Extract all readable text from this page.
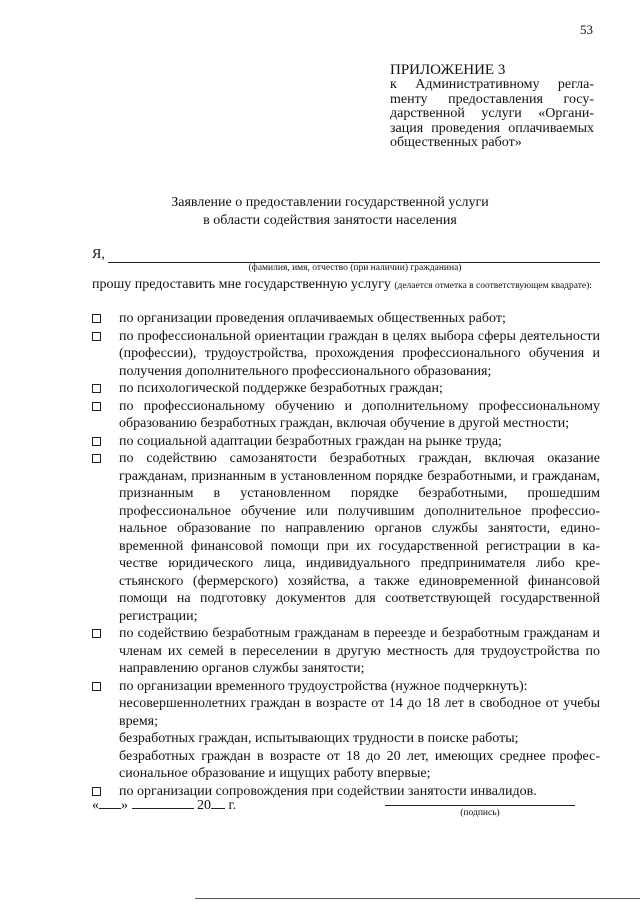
53
ПРИЛОЖЕНИЕ 3
к Административному реглаmенту предоставления государственной услуги «Организация проведения оплачиваемых общественных работ»
Заявление о предоставлении государственной услуги
в области содействия занятости населения
Я,
(фамилия, имя, отчество (при наличии) гражданина)
прошу предоставить мне государственную услугу (делается отметка в соответствующем квадрате):
по организации проведения оплачиваемых общественных работ;
по профессиональной ориентации граждан в целях выбора сферы деятельности (профессии), трудоустройства, прохождения профессионального обучения и получения дополнительного профессионального образования;
по психологической поддержке безработных граждан;
по профессиональному обучению и дополнительному профессиональному образованию безработных граждан, включая обучение в другой местности;
по социальной адаптации безработных граждан на рынке труда;
по содействию самозанятости безработных граждан, включая оказание гражданам, признанным в установленном порядке безработными, и гражданам, признанным в установленном порядке безработными, прошедшим профессиональное обучение или получившим дополнительное профессиональное образование по направлению органов службы занятости, единовременной финансовой помощи при их государственной регистрации в качестве юридического лица, индивидуального предпринимателя либо крестьянского (фермерского) хозяйства, а также единовременной финансовой помощи на подготовку документов для соответствующей государственной регистрации;
по содействию безработным гражданам в переезде и безработным гражданам и членам их семей в переселении в другую местность для трудоустройства по направлению органов службы занятости;
по организации временного трудоустройства (нужное подчеркнуть):
несовершеннолетних граждан в возрасте от 14 до 18 лет в свободное от учебы время;
безработных граждан, испытывающих трудности в поиске работы;
безработных граждан в возрасте от 18 до 20 лет, имеющих среднее профессиональное образование и ищущих работу впервые;
по организации сопровождения при содействии занятости инвалидов.
« »	20 г.	(подпись)
